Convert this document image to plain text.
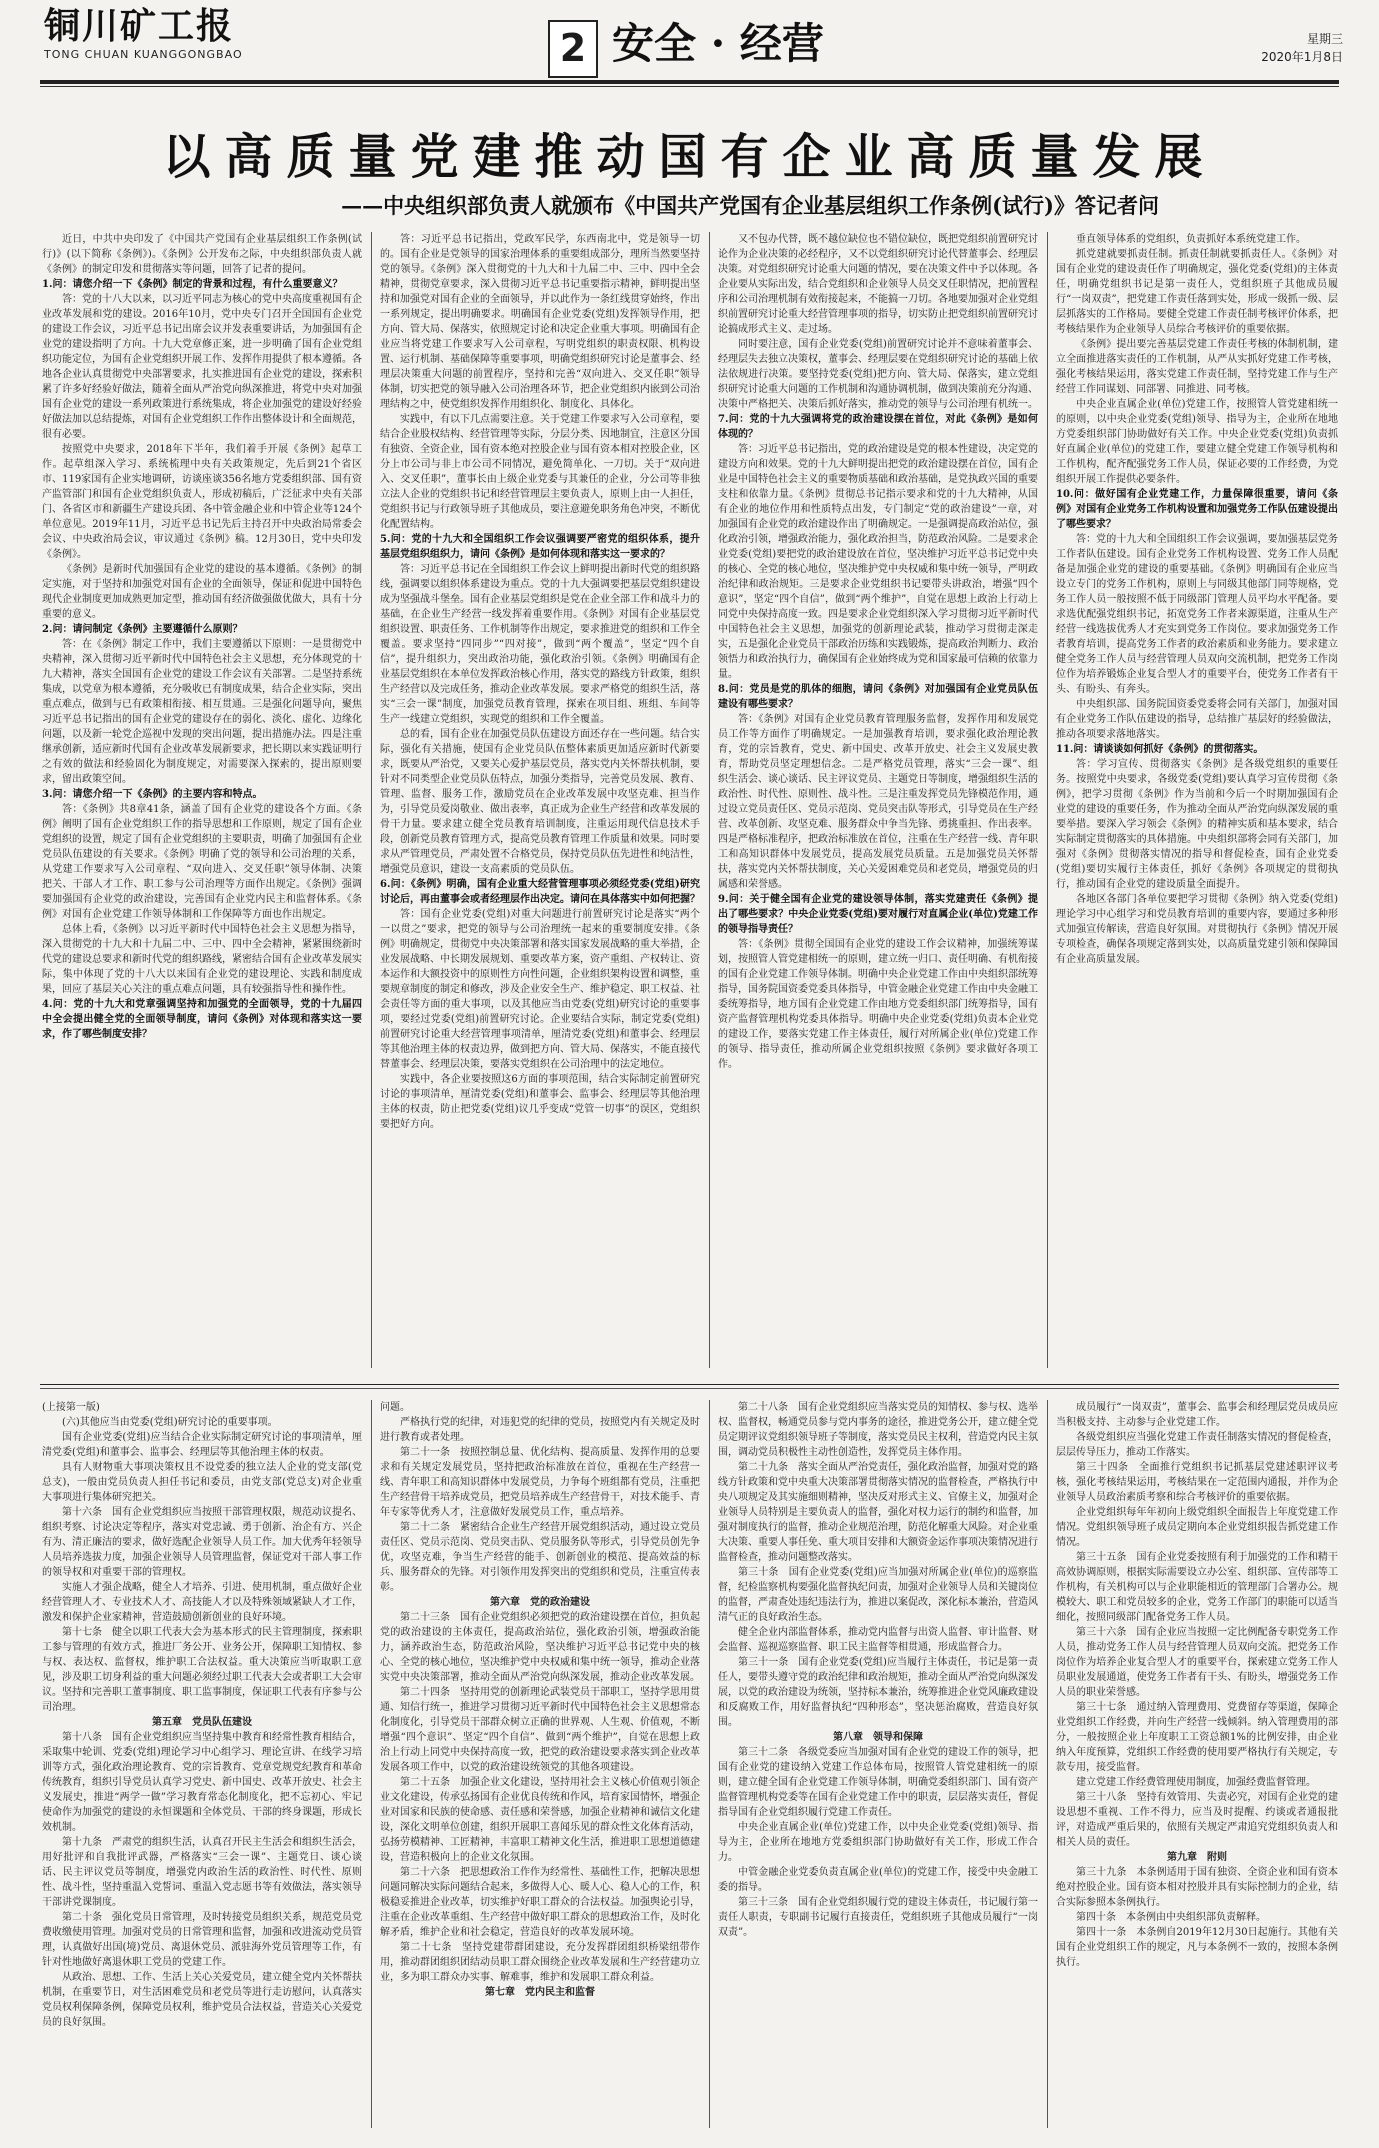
铜川矿工报
TONG CHUAN KUANGGONGBAO	2 安全 · 经营	星期三
2020年1月8日
以高质量党建推动国有企业高质量发展
——中央组织部负责人就颁布《中国共产党国有企业基层组织工作条例(试行)》答记者问

近日，中共中央印发了《中国共产党国有企业基层组织工作条例(试行)》(以下简称《条例》)。《条例》公开发布之际，中央组织部负责人就《条例》的制定印发和贯彻落实等问题，回答了记者的提问。

1.问：请您介绍一下《条例》制定的背景和过程，有什么重要意义？

答：党的十八大以来，以习近平同志为核心的党中央高度重视国有企业改革发展和党的建设。2016年10月，党中央专门召开全国国有企业党的建设工作会议，习近平总书记出席会议并发表重要讲话，为加强国有企业党的建设指明了方向。十九大党章修正案，进一步明确了国有企业党组织功能定位，为国有企业党组织开展工作、发挥作用提供了根本遵循。各地各企业认真贯彻党中央部署要求，扎实推进国有企业党的建设，探索积累了许多好经验好做法，随着全面从严治党向纵深推进，将党中央对加强国有企业党的建设一系列政策进行系统集成，将企业加强党的建设好经验好做法加以总结提炼，对国有企业党组织工作作出整体设计和全面规范，很有必要。

按照党中央要求，2018年下半年，我们着手开展《条例》起草工作。起草组深入学习、系统梳理中央有关政策规定，先后到21个省区市、119家国有企业实地调研，访谈座谈356名地方党委组织部、国有资产监管部门和国有企业党组织负责人，形成初稿后，广泛征求中央有关部门、各省区市和新疆生产建设兵团、各中管金融企业和中管企业等124个单位意见。2019年11月，习近平总书记先后主持召开中央政治局常委会会议、中央政治局会议，审议通过《条例》稿。12月30日，党中央印发《条例》。

《条例》是新时代加强国有企业党的建设的基本遵循。《条例》的制定实施，对于坚持和加强党对国有企业的全面领导，保证和促进中国特色现代企业制度更加成熟更加定型，推动国有经济做强做优做大，具有十分重要的意义。

2.问：请问制定《条例》主要遵循什么原则？

答：在《条例》制定工作中，我们主要遵循以下原则：一是贯彻党中央精神，深入贯彻习近平新时代中国特色社会主义思想，充分体现党的十九大精神，落实全国国有企业党的建设工作会议有关部署。二是坚持系统集成，以党章为根本遵循，充分吸收已有制度成果，结合企业实际，突出重点难点，做到与已有政策相衔接、相互贯通。三是强化问题导向，聚焦习近平总书记指出的国有企业党的建设存在的弱化、淡化、虚化、边缘化问题，以及新一轮党企巡视中发现的突出问题，提出措施办法。四是注重继承创新，适应新时代国有企业改革发展新要求，把长期以来实践证明行之有效的做法和经验固化为制度规定，对需要深入探索的，提出原则要求，留出政策空间。

3.问：请您介绍一下《条例》的主要内容和特点。

答：《条例》共8章41条，涵盖了国有企业党的建设各个方面。《条例》阐明了国有企业党组织工作的指导思想和工作原则，规定了国有企业党组织的设置，规定了国有企业党组织的主要职责，明确了加强国有企业党员队伍建设的有关要求。《条例》明确了党的领导和公司治理的关系，从党建工作要求写入公司章程、“双向进入、交叉任职”领导体制、决策把关、干部人才工作、职工参与公司治理等方面作出规定。《条例》强调要加强国有企业党的政治建设，完善国有企业党内民主和监督体系。《条例》对国有企业党建工作领导体制和工作保障等方面也作出规定。

总体上看，《条例》以习近平新时代中国特色社会主义思想为指导，深入贯彻党的十九大和十九届二中、三中、四中全会精神，紧紧围绕新时代党的建设总要求和新时代党的组织路线，紧密结合国有企业改革发展实际，集中体现了党的十八大以来国有企业党的建设理论、实践和制度成果，回应了基层关心关注的重点难点问题，具有较强指导性和操作性。

4.问：党的十九大和党章强调坚持和加强党的全面领导，党的十九届四中全会提出健全党的全面领导制度，请问《条例》对体现和落实这一要求，作了哪些制度安排？

答：习近平总书记指出，党政军民学，东西南北中，党是领导一切的。国有企业是党领导的国家治理体系的重要组成部分，理所当然要坚持党的领导。《条例》深入贯彻党的十九大和十九届二中、三中、四中全会精神，贯彻党章要求，深入贯彻习近平总书记重要指示精神，鲜明提出坚持和加强党对国有企业的全面领导，并以此作为一条红线贯穿始终，作出一系列规定，提出明确要求。明确国有企业党委(党组)发挥领导作用，把方向、管大局、保落实，依照规定讨论和决定企业重大事项。明确国有企业应当将党建工作要求写入公司章程，写明党组织的职责权限、机构设置、运行机制、基础保障等重要事项，明确党组织研究讨论是董事会、经理层决策重大问题的前置程序，坚持和完善“双向进入、交叉任职”领导体制，切实把党的领导融入公司治理各环节，把企业党组织内嵌到公司治理结构之中，使党组织发挥作用组织化、制度化、具体化。

实践中，有以下几点需要注意。关于党建工作要求写入公司章程，要结合企业股权结构、经营管理等实际，分层分类、因地制宜，注意区分国有独资、全资企业，国有资本绝对控股企业与国有资本相对控股企业，区分上市公司与非上市公司不同情况，避免简单化、一刀切。关于“双向进入、交叉任职”，董事长由上级企业党委与其兼任的企业，分公司等非独立法人企业的党组织书记和经营管理层主要负责人，原则上由一人担任，党组织书记与行政领导班子其他成员，要注意避免职务角色冲突，不断优化配置结构。

5.问：党的十九大和全国组织工作会议强调要严密党的组织体系，提升基层党组织组织力，请问《条例》是如何体现和落实这一要求的？

答：习近平总书记在全国组织工作会议上鲜明提出新时代党的组织路线，强调要以组织体系建设为重点。党的十九大强调要把基层党组织建设成为坚强战斗堡垒。国有企业基层党组织是党在企业全部工作和战斗力的基础，在企业生产经营一线发挥着重要作用。《条例》对国有企业基层党组织设置、职责任务、工作机制等作出规定，要求推进党的组织和工作全覆盖。要求坚持“四同步”“四对接”，做到“两个覆盖”，坚定“四个自信”，提升组织力，突出政治功能，强化政治引领。《条例》明确国有企业基层党组织在本单位发挥政治核心作用，落实党的路线方针政策，组织生产经营以及完成任务，推动企业改革发展。要求严格党的组织生活，落实“三会一课”制度，加强党员教育管理，探索在项目组、班组、车间等生产一线建立党组织，实现党的组织和工作全覆盖。

总的看，国有企业在加强党员队伍建设方面还存在一些问题。结合实际，强化有关措施，使国有企业党员队伍整体素质更加适应新时代新要求，既要从严治党，又要关心爱护基层党员，落实党内关怀帮扶机制，要针对不同类型企业党员队伍特点，加强分类指导，完善党员发展、教育、管理、监督、服务工作，激励党员在企业改革发展中攻坚克难、担当作为，引导党员爱岗敬业、做出表率，真正成为企业生产经营和改革发展的骨干力量。要求建立健全党员教育培训制度，注重运用现代信息技术手段，创新党员教育管理方式，提高党员教育管理工作质量和效果。同时要求从严管理党员，严肃处置不合格党员，保持党员队伍先进性和纯洁性，增强党员意识，建设一支高素质的党员队伍。

6.问：《条例》明确，国有企业重大经营管理事项必须经党委(党组)研究讨论后，再由董事会或者经理层作出决定。请问在具体落实中如何把握？

答：国有企业党委(党组)对重大问题进行前置研究讨论是落实“两个一以贯之”要求，把党的领导与公司治理统一起来的重要制度安排。《条例》明确规定，贯彻党中央决策部署和落实国家发展战略的重大举措，企业发展战略、中长期发展规划、重要改革方案，资产重组、产权转让、资本运作和大额投资中的原则性方向性问题，企业组织架构设置和调整，重要规章制度的制定和修改，涉及企业安全生产、维护稳定、职工权益、社会责任等方面的重大事项，以及其他应当由党委(党组)研究讨论的重要事项，要经过党委(党组)前置研究讨论。企业要结合实际，制定党委(党组)前置研究讨论重大经营管理事项清单，厘清党委(党组)和董事会、经理层等其他治理主体的权责边界，做到把方向、管大局、保落实，不能直接代替董事会、经理层决策，要落实党组织在公司治理中的法定地位。

实践中，各企业要按照这6方面的事项范围，结合实际制定前置研究讨论的事项清单，厘清党委(党组)和董事会、监事会、经理层等其他治理主体的权责，防止把党委(党组)议几乎变成“党管一切事”的误区，党组织要把好方向。

又不包办代替，既不越位缺位也不错位缺位，既把党组织前置研究讨论作为企业决策的必经程序，又不以党组织研究讨论代替董事会、经理层决策。对党组织研究讨论重大问题的情况，要在决策文件中予以体现。各企业要从实际出发，结合党组织和企业领导人员交叉任职情况，把前置程序和公司治理机制有效衔接起来，不能搞一刀切。各地要加强对企业党组织前置研究讨论重大经营管理事项的指导，切实防止把党组织前置研究讨论搞成形式主义、走过场。

同时要注意，国有企业党委(党组)前置研究讨论并不意味着董事会、经理层失去独立决策权，董事会、经理层要在党组织研究讨论的基础上依法依规进行决策。要坚持党委(党组)把方向、管大局、保落实，建立党组织研究讨论重大问题的工作机制和沟通协调机制，做到决策前充分沟通、决策中严格把关、决策后抓好落实，推动党的领导与公司治理有机统一。

7.问：党的十九大强调将党的政治建设摆在首位，对此《条例》是如何体现的？

答：习近平总书记指出，党的政治建设是党的根本性建设，决定党的建设方向和效果。党的十九大鲜明提出把党的政治建设摆在首位，国有企业是中国特色社会主义的重要物质基础和政治基础，是党执政兴国的重要支柱和依靠力量。《条例》贯彻总书记指示要求和党的十九大精神，从国有企业的地位作用和性质特点出发，专门制定“党的政治建设”一章，对加强国有企业党的政治建设作出了明确规定。一是强调提高政治站位，强化政治引领，增强政治能力，强化政治担当，防范政治风险。二是要求企业党委(党组)要把党的政治建设放在首位，坚决维护习近平总书记党中央的核心、全党的核心地位，坚决维护党中央权威和集中统一领导，严明政治纪律和政治规矩。三是要求企业党组织书记要带头讲政治，增强“四个意识”，坚定“四个自信”，做到“两个维护”，自觉在思想上政治上行动上同党中央保持高度一致。四是要求企业党组织深入学习贯彻习近平新时代中国特色社会主义思想，加强党的创新理论武装，推动学习贯彻走深走实，五是强化企业党员干部政治历练和实践锻炼，提高政治判断力、政治领悟力和政治执行力，确保国有企业始终成为党和国家最可信赖的依靠力量。

8.问：党员是党的肌体的细胞，请问《条例》对加强国有企业党员队伍建设有哪些要求？

答：《条例》对国有企业党员教育管理服务监督，发挥作用和发展党员工作等方面作了明确规定。一是加强教育培训，要求强化政治理论教育，党的宗旨教育，党史、新中国史、改革开放史、社会主义发展史教育，帮助党员坚定理想信念。二是严格党员管理，落实“三会一课”、组织生活会、谈心谈话、民主评议党员、主题党日等制度，增强组织生活的政治性、时代性、原则性、战斗性。三是注重发挥党员先锋模范作用，通过设立党员责任区、党员示范岗、党员突击队等形式，引导党员在生产经营、改革创新、攻坚克难、服务群众中争当先锋、勇挑重担、作出表率。四是严格标准程序，把政治标准放在首位，注重在生产经营一线、青年职工和高知识群体中发展党员，提高发展党员质量。五是加强党员关怀帮扶，落实党内关怀帮扶制度，关心关爱困难党员和老党员，增强党员的归属感和荣誉感。

9.问：关于健全国有企业党的建设领导体制，落实党建责任《条例》提出了哪些要求？中央企业党委(党组)要对履行对直属企业(单位)党建工作的领导指导责任？

答：《条例》贯彻全国国有企业党的建设工作会议精神，加强统筹谋划，按照管人管党建相统一的原则，建立统一归口、责任明确、有机衔接的国有企业党建工作领导体制。明确中央企业党建工作由中央组织部统筹指导，国务院国资委党委具体指导，中管金融企业党建工作由中央金融工委统筹指导，地方国有企业党建工作由地方党委组织部门统筹指导，国有资产监督管理机构党委具体指导。明确中央企业党委(党组)负责本企业党的建设工作，要落实党建工作主体责任，履行对所属企业(单位)党建工作的领导、指导责任，推动所属企业党组织按照《条例》要求做好各项工作。

垂直领导体系的党组织，负责抓好本系统党建工作。

抓党建就要抓责任制。抓责任制就要抓责任人。《条例》对国有企业党的建设责任作了明确规定，强化党委(党组)的主体责任，明确党组织书记是第一责任人，党组织班子其他成员履行“一岗双责”，把党建工作责任落到实处，形成一级抓一级、层层抓落实的工作格局。要健全党建工作责任制考核评价体系，把考核结果作为企业领导人员综合考核评价的重要依据。

《条例》提出要完善基层党建工作责任考核的体制机制，建立全面推进落实责任的工作机制，从严从实抓好党建工作考核，强化考核结果运用，落实党建工作责任制，坚持党建工作与生产经营工作同谋划、同部署、同推进、同考核。

中央企业直属企业(单位)党建工作，按照管人管党建相统一的原则，以中央企业党委(党组)领导、指导为主，企业所在地地方党委组织部门协助做好有关工作。中央企业党委(党组)负责抓好直属企业(单位)的党建工作，要建立健全党建工作领导机构和工作机构，配齐配强党务工作人员，保证必要的工作经费，为党组织开展工作提供必要条件。

10.问：做好国有企业党建工作，力量保障很重要，请问《条例》对国有企业党务工作机构设置和加强党务工作队伍建设提出了哪些要求？

答：党的十九大和全国组织工作会议强调，要加强基层党务工作者队伍建设。国有企业党务工作机构设置、党务工作人员配备是加强企业党的建设的重要基础。《条例》明确国有企业应当设立专门的党务工作机构，原则上与同级其他部门同等规格，党务工作人员一般按照不低于同级部门管理人员平均水平配备。要求选优配强党组织书记，拓宽党务工作者来源渠道，注重从生产经营一线选拔优秀人才充实到党务工作岗位。要求加强党务工作者教育培训，提高党务工作者的政治素质和业务能力。要求建立健全党务工作人员与经营管理人员双向交流机制，把党务工作岗位作为培养锻炼企业复合型人才的重要平台，使党务工作者有干头、有盼头、有奔头。

中央组织部、国务院国资委党委将会同有关部门，加强对国有企业党务工作队伍建设的指导，总结推广基层好的经验做法，推动各项要求落地落实。

11.问：请谈谈如何抓好《条例》的贯彻落实。

答：学习宣传、贯彻落实《条例》是各级党组织的重要任务。按照党中央要求，各级党委(党组)要认真学习宣传贯彻《条例》，把学习贯彻《条例》作为当前和今后一个时期加强国有企业党的建设的重要任务，作为推动全面从严治党向纵深发展的重要举措。要深入学习领会《条例》的精神实质和基本要求，结合实际制定贯彻落实的具体措施。中央组织部将会同有关部门，加强对《条例》贯彻落实情况的指导和督促检查，国有企业党委(党组)要切实履行主体责任，抓好《条例》各项规定的贯彻执行，推动国有企业党的建设质量全面提升。

各地区各部门各单位要把学习贯彻《条例》纳入党委(党组)理论学习中心组学习和党员教育培训的重要内容，要通过多种形式加强宣传解读，营造良好氛围。对贯彻执行《条例》情况开展专项检查，确保各项规定落到实处，以高质量党建引领和保障国有企业高质量发展。

(上接第一版)

(六)其他应当由党委(党组)研究讨论的重要事项。

国有企业党委(党组)应当结合企业实际制定研究讨论的事项清单，厘清党委(党组)和董事会、监事会、经理层等其他治理主体的权责。

具有人财物重大事项决策权且不设党委的独立法人企业的党支部(党总支)，一般由党员负责人担任书记和委员，由党支部(党总支)对企业重大事项进行集体研究把关。

第十六条　国有企业党组织应当按照干部管理权限，规范动议提名、组织考察、讨论决定等程序，落实对党忠诚、勇于创新、治企有方、兴企有为、清正廉洁的要求，做好选配企业领导人员工作。加大优秀年轻领导人员培养选拔力度，加强企业领导人员管理监督，保证党对干部人事工作的领导权和对重要干部的管理权。

实施人才强企战略，健全人才培养、引进、使用机制，重点做好企业经营管理人才、专业技术人才、高技能人才以及特殊领域紧缺人才工作，激发和保护企业家精神，营造鼓励创新创业的良好环境。

第十七条　健全以职工代表大会为基本形式的民主管理制度，探索职工参与管理的有效方式，推进厂务公开、业务公开，保障职工知情权、参与权、表达权、监督权，维护职工合法权益。重大决策应当听取职工意见，涉及职工切身利益的重大问题必须经过职工代表大会或者职工大会审议。坚持和完善职工董事制度、职工监事制度，保证职工代表有序参与公司治理。

第五章　党员队伍建设

第十八条　国有企业党组织应当坚持集中教育和经常性教育相结合，采取集中轮训、党委(党组)理论学习中心组学习、理论宣讲、在线学习培训等方式，强化政治理论教育、党的宗旨教育、党章党规党纪教育和革命传统教育，组织引导党员认真学习党史、新中国史、改革开放史、社会主义发展史，推进“两学一做”学习教育常态化制度化，把不忘初心、牢记使命作为加强党的建设的永恒课题和全体党员、干部的终身课题，形成长效机制。

第十九条　严肃党的组织生活，认真召开民主生活会和组织生活会，用好批评和自我批评武器，严格落实“三会一课”、主题党日、谈心谈话、民主评议党员等制度，增强党内政治生活的政治性、时代性、原则性、战斗性，坚持重温入党誓词、重温入党志愿书等有效做法，落实领导干部讲党课制度。

第二十条　强化党员日常管理，及时转接党员组织关系，规范党员党费收缴使用管理。加强对党员的日常管理和监督，加强和改进流动党员管理，认真做好出国(境)党员、离退休党员、派驻海外党员管理等工作，有针对性地做好离退休职工党员的党建工作。

从政治、思想、工作、生活上关心关爱党员，建立健全党内关怀帮扶机制，在重要节日，对生活困难党员和老党员等进行走访慰问，认真落实党员权利保障条例，保障党员权利，维护党员合法权益，营造关心关爱党员的良好氛围。

问题。

严格执行党的纪律，对违犯党的纪律的党员，按照党内有关规定及时进行教育或者处理。

第二十一条　按照控制总量、优化结构、提高质量、发挥作用的总要求和有关规定发展党员，坚持把政治标准放在首位，重视在生产经营一线、青年职工和高知识群体中发展党员，力争每个班组都有党员，注重把生产经营骨干培养成党员，把党员培养成生产经营骨干，对技术能手、青年专家等优秀人才，注意做好发展党员工作，重点培养。

第二十二条　紧密结合企业生产经营开展党组织活动，通过设立党员责任区、党员示范岗、党员突击队、党员服务队等形式，引导党员创先争优，攻坚克难，争当生产经营的能手、创新创业的模范、提高效益的标兵、服务群众的先锋。对引领作用发挥突出的党组织和党员，注重宣传表彰。

第六章　党的政治建设

第二十三条　国有企业党组织必须把党的政治建设摆在首位，担负起党的政治建设的主体责任，提高政治站位，强化政治引领，增强政治能力，涵养政治生态，防范政治风险，坚决维护习近平总书记党中央的核心、全党的核心地位，坚决维护党中央权威和集中统一领导，推动企业落实党中央决策部署，推动全面从严治党向纵深发展，推动企业改革发展。

第二十四条　坚持用党的创新理论武装党员干部职工，坚持学思用贯通、知信行统一，推进学习贯彻习近平新时代中国特色社会主义思想常态化制度化，引导党员干部群众树立正确的世界观、人生观、价值观，不断增强“四个意识”、坚定“四个自信”、做到“两个维护”，自觉在思想上政治上行动上同党中央保持高度一致，把党的政治建设要求落实到企业改革发展各项工作中，以党的政治建设统领党的其他各项建设。

第二十五条　加强企业文化建设，坚持用社会主义核心价值观引领企业文化建设，传承弘扬国有企业优良传统和作风，培育家国情怀，增强企业对国家和民族的使命感、责任感和荣誉感，加强企业精神和诚信文化建设，深化文明单位创建，组织开展职工喜闻乐见的群众性文化体育活动，弘扬劳模精神、工匠精神，丰富职工精神文化生活，推进职工思想道德建设，营造积极向上的企业文化氛围。

第二十六条　把思想政治工作作为经常性、基础性工作，把解决思想问题同解决实际问题结合起来，多做得人心、暖人心、稳人心的工作，积极稳妥推进企业改革，切实维护好职工群众的合法权益。加强舆论引导，注重在企业改革重组、生产经营中做好职工群众的思想政治工作，及时化解矛盾，维护企业和社会稳定，营造良好的改革发展环境。

第二十七条　坚持党建带群团建设，充分发挥群团组织桥梁纽带作用，推动群团组织团结动员职工群众围绕企业改革发展和生产经营建功立业，多为职工群众办实事、解难事，维护和发展职工群众利益。

第七章　党内民主和监督

第二十八条　国有企业党组织应当落实党员的知情权、参与权、选举权、监督权，畅通党员参与党内事务的途径，推进党务公开，建立健全党员定期评议党组织领导班子等制度，落实党员民主权利，营造党内民主氛围，调动党员积极性主动性创造性，发挥党员主体作用。

第二十九条　落实全面从严治党责任，强化政治监督，加强对党的路线方针政策和党中央重大决策部署贯彻落实情况的监督检查，严格执行中央八项规定及其实施细则精神，坚决反对形式主义、官僚主义，加强对企业领导人员特别是主要负责人的监督，强化对权力运行的制约和监督，加强对制度执行的监督，推动企业规范治理，防范化解重大风险。对企业重大决策、重要人事任免、重大项目安排和大额资金运作事项决策情况进行监督检查，推动问题整改落实。

第三十条　国有企业党委(党组)应当加强对所属企业(单位)的巡察监督，纪检监察机构要强化监督执纪问责，加强对企业领导人员和关键岗位的监督，严肃查处违纪违法行为，推进以案促改，深化标本兼治，营造风清气正的良好政治生态。

健全企业内部监督体系，推动党内监督与出资人监督、审计监督、财会监督、巡视巡察监督、职工民主监督等相贯通，形成监督合力。

第三十一条　国有企业党委(党组)应当履行主体责任，书记是第一责任人，要带头遵守党的政治纪律和政治规矩，推动全面从严治党向纵深发展，以党的政治建设为统领，坚持标本兼治，统筹推进企业党风廉政建设和反腐败工作，用好监督执纪“四种形态”，坚决惩治腐败，营造良好氛围。

第八章　领导和保障

第三十二条　各级党委应当加强对国有企业党的建设工作的领导，把国有企业党的建设纳入党建工作总体布局，按照管人管党建相统一的原则，建立健全国有企业党建工作领导体制，明确党委组织部门、国有资产监督管理机构党委等在国有企业党建工作中的职责，层层落实责任，督促指导国有企业党组织履行党建工作责任。

中央企业直属企业(单位)党建工作，以中央企业党委(党组)领导、指导为主，企业所在地地方党委组织部门协助做好有关工作，形成工作合力。

中管金融企业党委负责直属企业(单位)的党建工作，接受中央金融工委的指导。

第三十三条　国有企业党组织履行党的建设主体责任，书记履行第一责任人职责，专职副书记履行直接责任，党组织班子其他成员履行“一岗双责”。

成员履行“一岗双责”，董事会、监事会和经理层党员成员应当积极支持、主动参与企业党建工作。

各级党组织应当强化党建工作责任制落实情况的督促检查，层层传导压力，推动工作落实。

第三十四条　全面推行党组织书记抓基层党建述职评议考核，强化考核结果运用，考核结果在一定范围内通报，并作为企业领导人员政治素质考察和综合考核评价的重要依据。

企业党组织每年年初向上级党组织全面报告上年度党建工作情况。党组织领导班子成员定期向本企业党组织报告抓党建工作情况。

第三十五条　国有企业党委按照有利于加强党的工作和精干高效协调原则，根据实际需要设立办公室、组织部、宣传部等工作机构，有关机构可以与企业职能相近的管理部门合署办公。规模较大、职工和党员较多的企业，党务工作部门的职能可以适当细化，按照同级部门配备党务工作人员。

第三十六条　国有企业应当按照一定比例配备专职党务工作人员，推动党务工作人员与经营管理人员双向交流。把党务工作岗位作为培养企业复合型人才的重要平台，探索建立党务工作人员职业发展通道，使党务工作者有干头、有盼头，增强党务工作人员的职业荣誉感。

第三十七条　通过纳入管理费用、党费留存等渠道，保障企业党组织工作经费，并向生产经营一线倾斜。纳入管理费用的部分，一般按照企业上年度职工工资总额1%的比例安排，由企业纳入年度预算，党组织工作经费的使用要严格执行有关规定，专款专用，接受监督。

建立党建工作经费管理使用制度，加强经费监督管理。

第三十八条　坚持有效管用、失责必究，对国有企业党的建设思想不重视、工作不得力，应当及时提醒、约谈或者通报批评，对造成严重后果的，依照有关规定严肃追究党组织负责人和相关人员的责任。

第九章　附则

第三十九条　本条例适用于国有独资、全资企业和国有资本绝对控股企业。国有资本相对控股并具有实际控制力的企业，结合实际参照本条例执行。

第四十条　本条例由中央组织部负责解释。

第四十一条　本条例自2019年12月30日起施行。其他有关国有企业党组织工作的规定，凡与本条例不一致的，按照本条例执行。
